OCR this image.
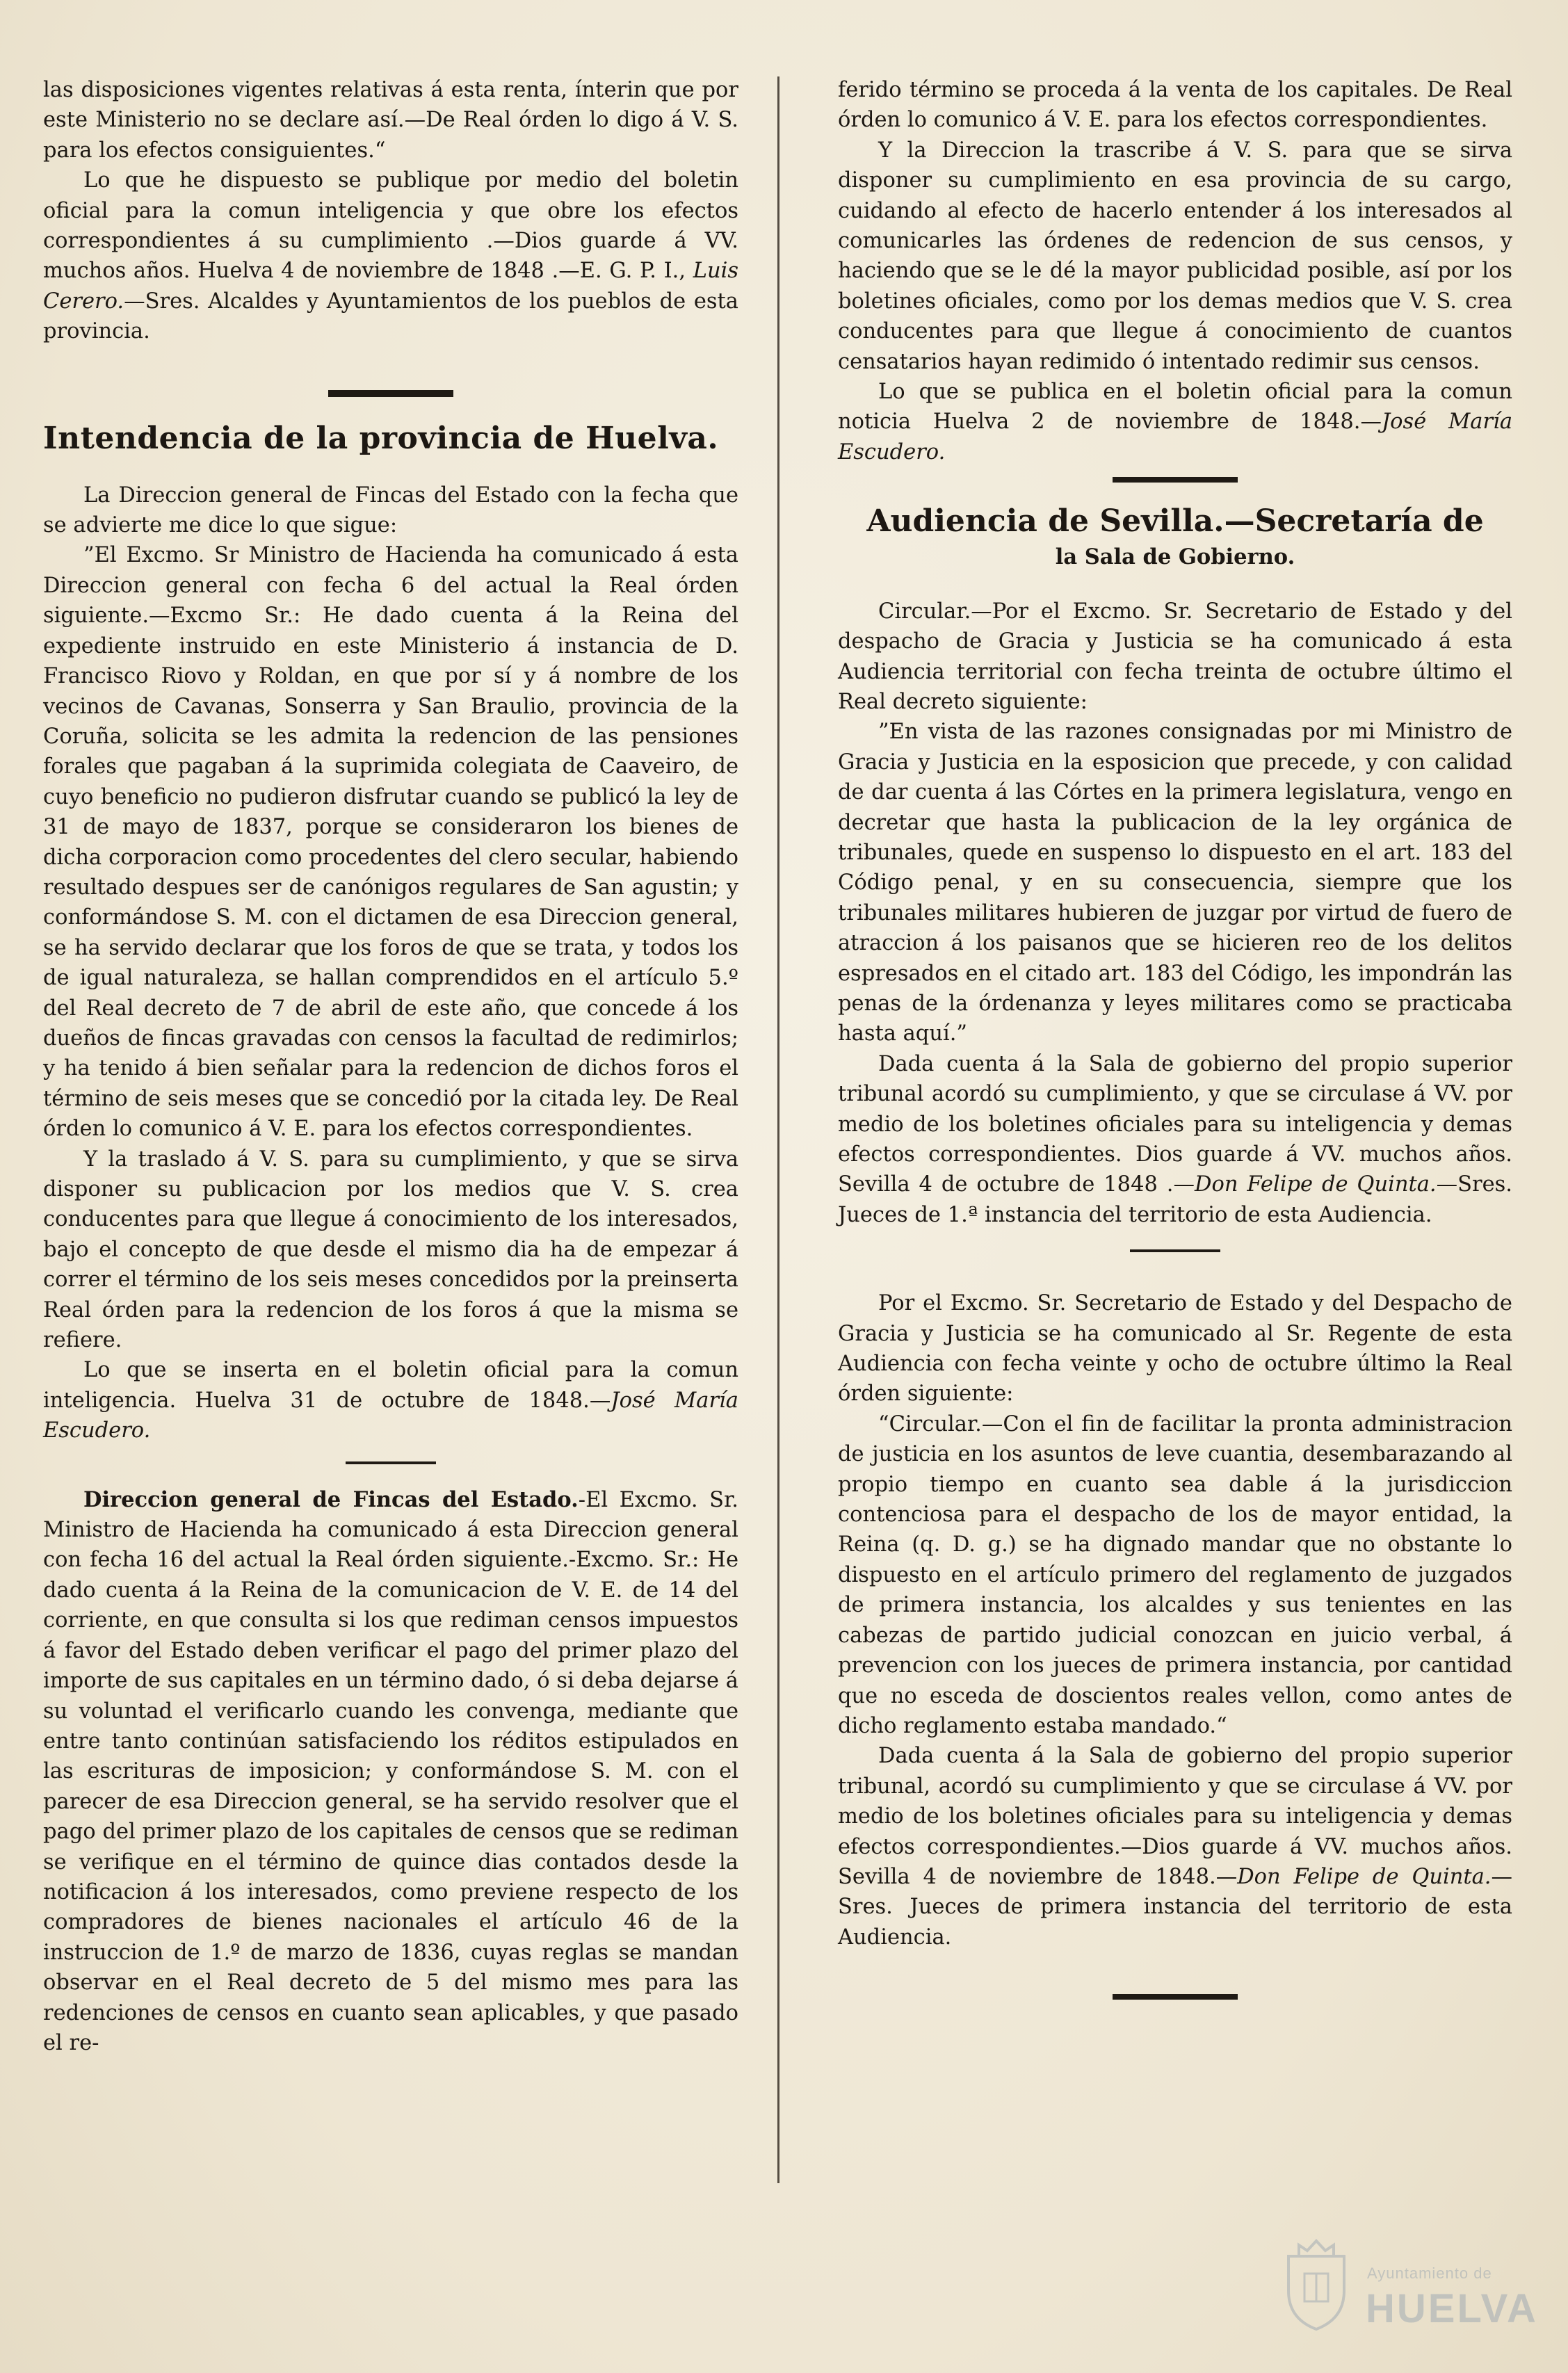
las disposiciones vigentes relativas á esta renta, ínterin que por este Ministerio no se declare así.—De Real órden lo digo á V. S. para los efectos consiguientes.“

Lo que he dispuesto se publique por medio del boletin oficial para la comun inteligencia y que obre los efectos correspondientes á su cumplimiento .—Dios guarde á VV. muchos años. Huelva 4 de noviembre de 1848 .—E. G. P. I., Luis Cerero.—Sres. Alcaldes y Ayuntamientos de los pueblos de esta provincia.

Intendencia de la provincia de Huelva.

La Direccion general de Fincas del Estado con la fecha que se advierte me dice lo que sigue:

”El Excmo. Sr Ministro de Hacienda ha comunicado á esta Direccion general con fecha 6 del actual la Real órden siguiente.—Excmo Sr.: He dado cuenta á la Reina del expediente instruido en este Ministerio á instancia de D. Francisco Riovo y Roldan, en que por sí y á nombre de los vecinos de Cavanas, Sonserra y San Braulio, provincia de la Coruña, solicita se les admita la redencion de las pensiones forales que pagaban á la suprimida colegiata de Caaveiro, de cuyo beneficio no pudieron disfrutar cuando se publicó la ley de 31 de mayo de 1837, porque se consideraron los bienes de dicha corporacion como procedentes del clero secular, habiendo resultado despues ser de canónigos regulares de San agustin; y conformándose S. M. con el dictamen de esa Direccion general, se ha servido declarar que los foros de que se trata, y todos los de igual naturaleza, se hallan comprendidos en el artículo 5.º del Real decreto de 7 de abril de este año, que concede á los dueños de fincas gravadas con censos la facultad de redimirlos; y ha tenido á bien señalar para la redencion de dichos foros el término de seis meses que se concedió por la citada ley. De Real órden lo comunico á V. E. para los efectos correspondientes.

Y la traslado á V. S. para su cumplimiento, y que se sirva disponer su publicacion por los medios que V. S. crea conducentes para que llegue á conocimiento de los interesados, bajo el concepto de que desde el mismo dia ha de empezar á correr el término de los seis meses concedidos por la preinserta Real órden para la redencion de los foros á que la misma se refiere.

Lo que se inserta en el boletin oficial para la comun inteligencia. Huelva 31 de octubre de 1848.—José María Escudero.

Direccion general de Fincas del Estado.-El Excmo. Sr. Ministro de Hacienda ha comunicado á esta Direccion general con fecha 16 del actual la Real órden siguiente.-Excmo. Sr.: He dado cuenta á la Reina de la comunicacion de V. E. de 14 del corriente, en que consulta si los que rediman censos impuestos á favor del Estado deben verificar el pago del primer plazo del importe de sus capitales en un término dado, ó si deba dejarse á su voluntad el verificarlo cuando les convenga, mediante que entre tanto continúan satisfaciendo los réditos estipulados en las escrituras de imposicion; y conformándose S. M. con el parecer de esa Direccion general, se ha servido resolver que el pago del primer plazo de los capitales de censos que se rediman se verifique en el término de quince dias contados desde la notificacion á los interesados, como previene respecto de los compradores de bienes nacionales el artículo 46 de la instruccion de 1.º de marzo de 1836, cuyas reglas se mandan observar en el Real decreto de 5 del mismo mes para las redenciones de censos en cuanto sean aplicables, y que pasado el re-

ferido término se proceda á la venta de los capitales. De Real órden lo comunico á V. E. para los efectos correspondientes.

Y la Direccion la trascribe á V. S. para que se sirva disponer su cumplimiento en esa provincia de su cargo, cuidando al efecto de hacerlo entender á los interesados al comunicarles las órdenes de redencion de sus censos, y haciendo que se le dé la mayor publicidad posible, así por los boletines oficiales, como por los demas medios que V. S. crea conducentes para que llegue á conocimiento de cuantos censatarios hayan redimido ó intentado redimir sus censos.

Lo que se publica en el boletin oficial para la comun noticia Huelva 2 de noviembre de 1848.—José María Escudero.

Audiencia de Sevilla.—Secretaría de
la Sala de Gobierno.

Circular.—Por el Excmo. Sr. Secretario de Estado y del despacho de Gracia y Justicia se ha comunicado á esta Audiencia territorial con fecha treinta de octubre último el Real decreto siguiente:

”En vista de las razones consignadas por mi Ministro de Gracia y Justicia en la esposicion que precede, y con calidad de dar cuenta á las Córtes en la primera legislatura, vengo en decretar que hasta la publicacion de la ley orgánica de tribunales, quede en suspenso lo dispuesto en el art. 183 del Código penal, y en su consecuencia, siempre que los tribunales militares hubieren de juzgar por virtud de fuero de atraccion á los paisanos que se hicieren reo de los delitos espresados en el citado art. 183 del Código, les impondrán las penas de la órdenanza y leyes militares como se practicaba hasta aquí.”

Dada cuenta á la Sala de gobierno del propio superior tribunal acordó su cumplimiento, y que se circulase á VV. por medio de los boletines oficiales para su inteligencia y demas efectos correspondientes. Dios guarde á VV. muchos años. Sevilla 4 de octubre de 1848 .—Don Felipe de Quinta.—Sres. Jueces de 1.ª instancia del territorio de esta Audiencia.

Por el Excmo. Sr. Secretario de Estado y del Despacho de Gracia y Justicia se ha comunicado al Sr. Regente de esta Audiencia con fecha veinte y ocho de octubre último la Real órden siguiente:

“Circular.—Con el fin de facilitar la pronta administracion de justicia en los asuntos de leve cuantia, desembarazando al propio tiempo en cuanto sea dable á la jurisdiccion contenciosa para el despacho de los de mayor entidad, la Reina (q. D. g.) se ha dignado mandar que no obstante lo dispuesto en el artículo primero del reglamento de juzgados de primera instancia, los alcaldes y sus tenientes en las cabezas de partido judicial conozcan en juicio verbal, á prevencion con los jueces de primera instancia, por cantidad que no esceda de doscientos reales vellon, como antes de dicho reglamento estaba mandado.“

Dada cuenta á la Sala de gobierno del propio superior tribunal, acordó su cumplimiento y que se circulase á VV. por medio de los boletines oficiales para su inteligencia y demas efectos correspondientes.—Dios guarde á VV. muchos años. Sevilla 4 de noviembre de 1848.—Don Felipe de Quinta.—Sres. Jueces de primera instancia del territorio de esta Audiencia.

Ayuntamiento de
HUELVA
